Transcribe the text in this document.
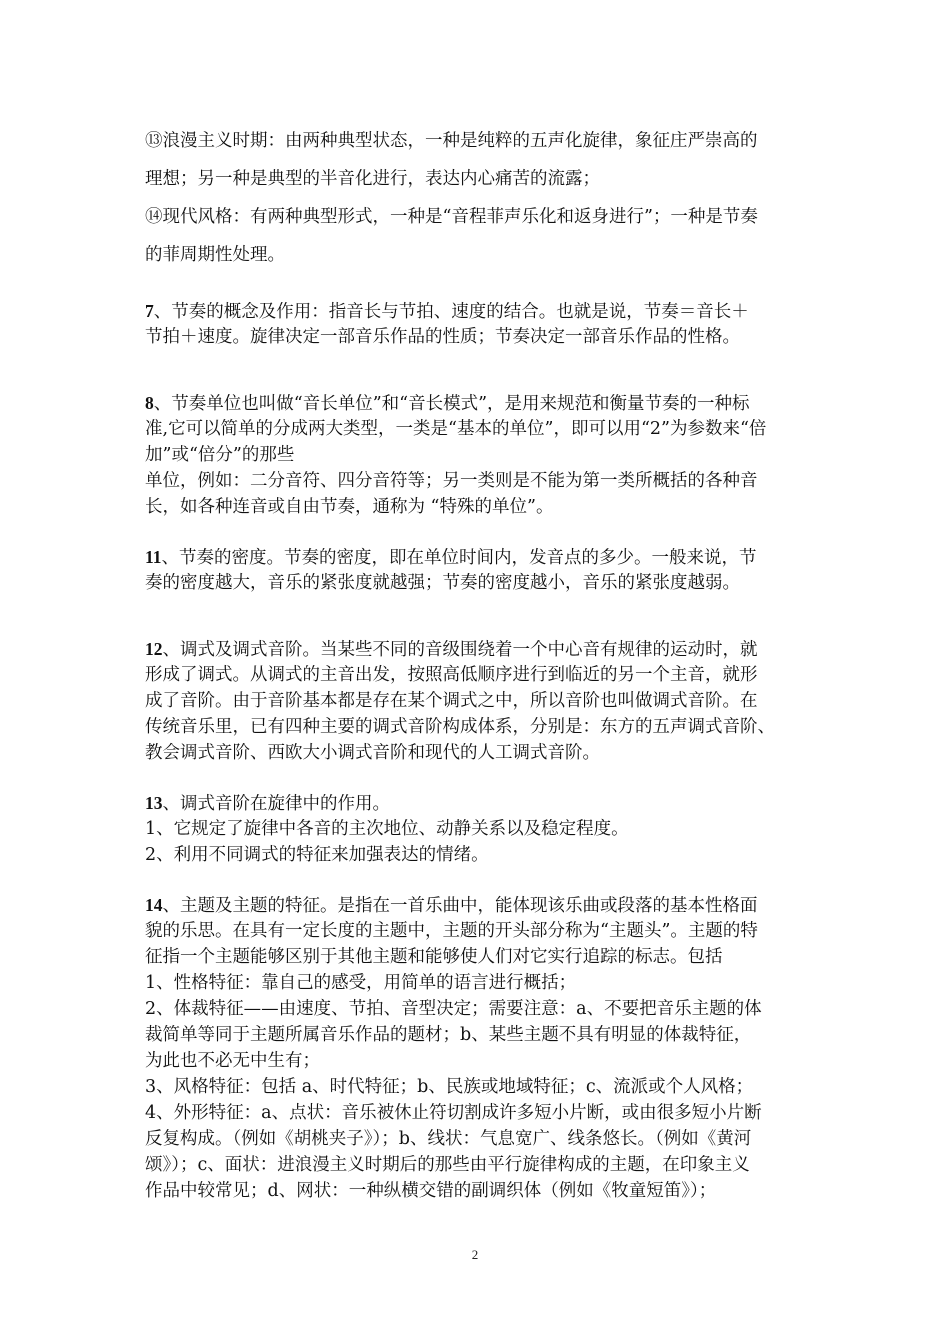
⑬浪漫主义时期：由两种典型状态，一种是纯粹的五声化旋律，象征庄严崇高的
理想；另一种是典型的半音化进行，表达内心痛苦的流露；
⑭现代风格：有两种典型形式，一种是“音程菲声乐化和返身进行”；一种是节奏
的菲周期性处理。
7、节奏的概念及作用：指音长与节拍、速度的结合。也就是说，节奏＝音长＋
节拍＋速度。旋律决定一部音乐作品的性质；节奏决定一部音乐作品的性格。
8、节奏单位也叫做“音长单位”和“音长模式”，是用来规范和衡量节奏的一种标
准,它可以简单的分成两大类型，一类是“基本的单位”，即可以用“2”为参数来“倍
加”或“倍分”的那些
单位，例如：二分音符、四分音符等；另一类则是不能为第一类所概括的各种音
长，如各种连音或自由节奏，通称为 “特殊的单位”。
11、节奏的密度。节奏的密度，即在单位时间内，发音点的多少。一般来说，节
奏的密度越大，音乐的紧张度就越强；节奏的密度越小，音乐的紧张度越弱。
12、调式及调式音阶。当某些不同的音级围绕着一个中心音有规律的运动时，就
形成了调式。从调式的主音出发，按照高低顺序进行到临近的另一个主音，就形
成了音阶。由于音阶基本都是存在某个调式之中，所以音阶也叫做调式音阶。在
传统音乐里，已有四种主要的调式音阶构成体系，分别是：东方的五声调式音阶、
教会调式音阶、西欧大小调式音阶和现代的人工调式音阶。
13、调式音阶在旋律中的作用。
1、它规定了旋律中各音的主次地位、动静关系以及稳定程度。
2、利用不同调式的特征来加强表达的情绪。
14、主题及主题的特征。是指在一首乐曲中，能体现该乐曲或段落的基本性格面
貌的乐思。在具有一定长度的主题中，主题的开头部分称为“主题头”。主题的特
征指一个主题能够区别于其他主题和能够使人们对它实行追踪的标志。包括
1、性格特征：靠自己的感受，用简单的语言进行概括；
2、体裁特征——由速度、节拍、音型决定；需要注意：a、不要把音乐主题的体
裁简单等同于主题所属音乐作品的题材；b、某些主题不具有明显的体裁特征，
为此也不必无中生有；
3、风格特征：包括 a、时代特征；b、民族或地域特征；c、流派或个人风格；
4、外形特征：a、点状：音乐被休止符切割成许多短小片断，或由很多短小片断
反复构成。（例如《胡桃夹子》）；b、线状：气息宽广、线条悠长。（例如《黄河
颂》）；c、面状：进浪漫主义时期后的那些由平行旋律构成的主题，在印象主义
作品中较常见；d、网状：一种纵横交错的副调织体（例如《牧童短笛》）；
2
